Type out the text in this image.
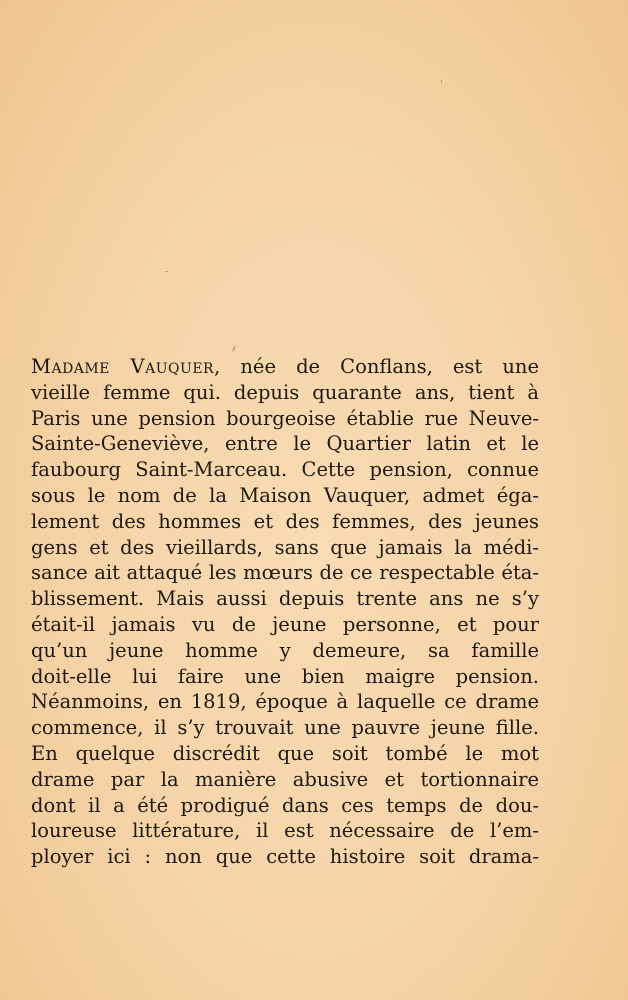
Madame Vauquer, née de Conflans, est une
vieille femme qui. depuis quarante ans, tient à
Paris une pension bourgeoise établie rue Neuve-
Sainte-Geneviève, entre le Quartier latin et le
faubourg Saint-Marceau. Cette pension, connue
sous le nom de la Maison Vauquer, admet éga-
lement des hommes et des femmes, des jeunes
gens et des vieillards, sans que jamais la médi-
sance ait attaqué les mœurs de ce respectable éta-
blissement. Mais aussi depuis trente ans ne s’y
était-il jamais vu de jeune personne, et pour
qu’un jeune homme y demeure, sa famille
doit-elle lui faire une bien maigre pension.
Néanmoins, en 1819, époque à laquelle ce drame
commence, il s’y trouvait une pauvre jeune fille.
En quelque discrédit que soit tombé le mot
drame par la manière abusive et tortionnaire
dont il a été prodigué dans ces temps de dou-
loureuse littérature, il est nécessaire de l’em-
ployer ici : non que cette histoire soit drama-
